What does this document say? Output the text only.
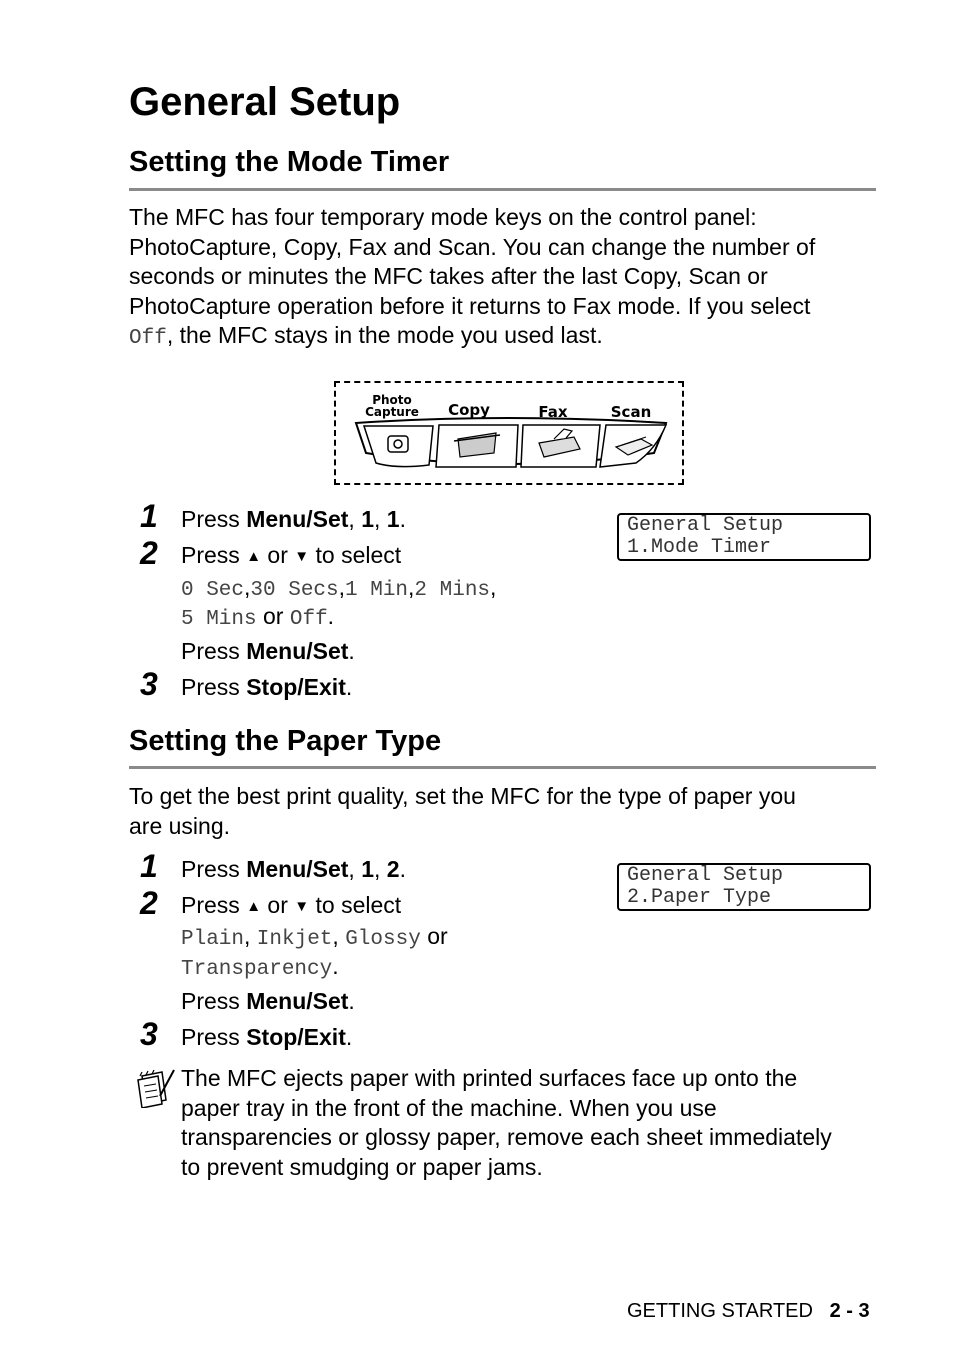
General Setup
Setting the Mode Timer
The MFC has four temporary mode keys on the control panel:
PhotoCapture, Copy, Fax and Scan. You can change the number of
seconds or minutes the MFC takes after the last Copy, Scan or
PhotoCapture operation before it returns to Fax mode. If you select
Off, the MFC stays in the mode you used last.
Photo
Capture Copy	Fax	Scan
1 Press Menu/Set, 1, 1.
2 Press ▲ or ▼ to select
0 Sec,30 Secs,1 Min,2 Mins,
5 Mins or Off.
Press Menu/Set.
3 Press Stop/Exit.
General Setup
1.Mode Timer
Setting the Paper Type
To get the best print quality, set the MFC for the type of paper you
are using.
1 Press Menu/Set, 1, 2.
2 Press ▲ or ▼ to select
Plain, Inkjet, Glossy or
Transparency.
Press Menu/Set.
3 Press Stop/Exit.
General Setup
2.Paper Type
The MFC ejects paper with printed surfaces face up onto the
paper tray in the front of the machine. When you use
transparencies or glossy paper, remove each sheet immediately
to prevent smudging or paper jams.
GETTING STARTED 2 - 3
